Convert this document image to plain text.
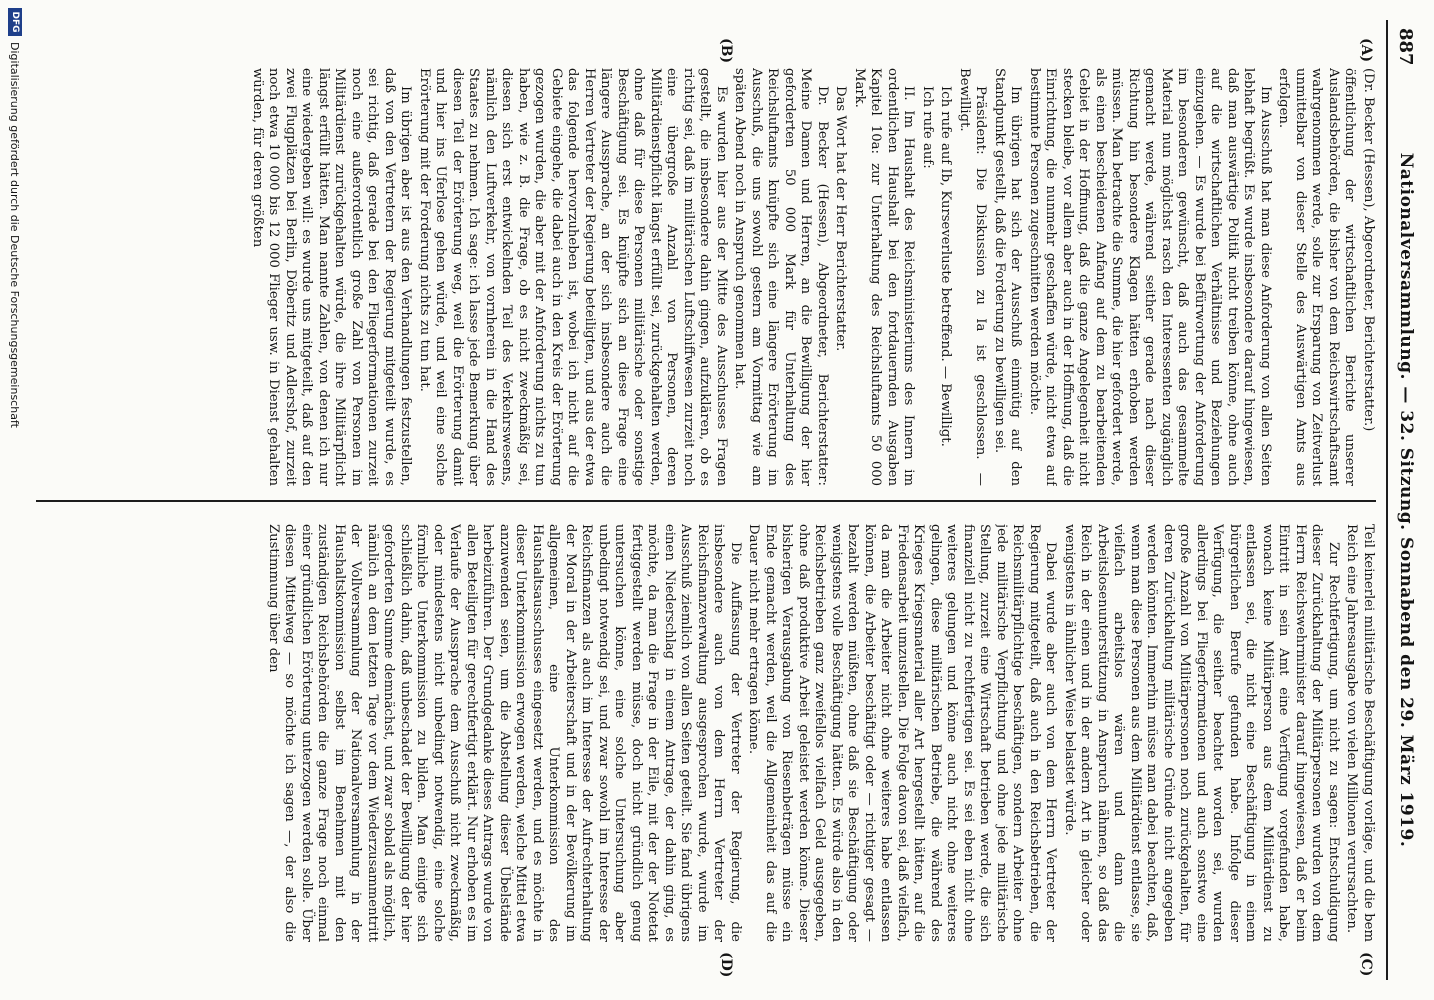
887
Nationalversammlung. — 32. Sitzung. Sonnabend den 29. März 1919.
(A)
(B)
(C)
(D)

(Dr. Becker (Hessen), Abgeordneter, Berichterstatter.)

öffentlichung der wirtschaftlichen Berichte unserer Auslandsbehörden, die bisher von dem Reichswirtschaftsamt wahrgenommen werde, solle zur Ersparung von Zeitverlust unmittelbar von dieser Stelle des Auswärtigen Amts aus erfolgen.

Im Ausschuß hat man diese Anforderung von allen Seiten lebhaft begrüßt. Es wurde insbesondere darauf hingewiesen, daß man auswärtige Politik nicht treiben könne, ohne auch auf die wirtschaftlichen Verhältnisse und Beziehungen einzugehen. — Es wurde bei Befürwortung der Anforderung im besonderen gewünscht, daß auch das gesammelte Material nun möglichst rasch den Interessenten zugänglich gemacht werde, während seither gerade nach dieser Richtung hin besondere Klagen hätten erhoben werden müssen. Man betrachte die Summe, die hier gefordert werde, als einen bescheidenen Anfang auf dem zu bearbeitenden Gebiet in der Hoffnung, daß die ganze Angelegenheit nicht stecken bleibe, vor allem aber auch in der Hoffnung, daß die Einrichtung, die nunmehr geschaffen würde, nicht etwa auf bestimmte Personen zugeschnitten werden möchte.

Im übrigen hat sich der Ausschuß einmütig auf den Standpunkt gestellt, daß die Forderung zu bewilligen sei.

Präsident: Die Diskussion zu Ia ist geschlossen. — Bewilligt.

Ich rufe auf Ib, Kurseverluste betreffend. — Bewilligt.

Ich rufe auf:

II. Im Haushalt des Reichsministeriums des Innern im ordentlichen Haushalt bei den fortdauernden Ausgaben Kapitel 10a: zur Unterhaltung des Reichsluftamts 50 000 Mark.

Das Wort hat der Herr Berichterstatter.

Dr. Becker (Hessen), Abgeordneter, Berichterstatter: Meine Damen und Herren, an die Bewilligung der hier geforderten 50 000 Mark für Unterhaltung des Reichsluftamts knüpfte sich eine längere Erörterung im Ausschuß, die uns sowohl gestern am Vormittag wie am späten Abend noch in Anspruch genommen hat.

Es wurden hier aus der Mitte des Ausschusses Fragen gestellt, die insbesondere dahin gingen, aufzuklären, ob es richtig sei, daß im militärischen Luftschiffwesen zurzeit noch eine übergroße Anzahl von Personen, deren Militärdienstpflicht längst erfüllt sei, zurückgehalten werden, ohne daß für diese Personen militärische oder sonstige Beschäftigung sei. Es knüpfte sich an diese Frage eine längere Aussprache, an der sich insbesondere auch die Herren Vertreter der Regierung beteiligten, und aus der etwa das folgende hervorzuheben ist, wobei ich nicht auf die Gebiete eingehe, die dabei auch in den Kreis der Erörterung gezogen wurden, die aber mit der Anforderung nichts zu tun haben, wie z. B. die Frage, ob es nicht zweckmäßig sei, diesen sich erst entwickelnden Teil des Verkehrswesens, nämlich den Luftverkehr, von vornherein in die Hand des Staates zu nehmen. Ich sage: ich lasse jede Bemerkung über diesen Teil der Erörterung weg, weil die Erörterung damit und hier ins Uferlose gehen würde, und weil eine solche Erörterung mit der Forderung nichts zu tun hat.

Im übrigen aber ist aus den Verhandlungen festzustellen, daß von den Vertretern der Regierung mitgeteilt wurde, es sei richtig, daß gerade bei den Fliegerformationen zurzeit noch eine außerordentlich große Zahl von Personen im Militärdienst zurückgehalten würde, die ihre Militärpflicht längst erfüllt hätten. Man nannte Zahlen, von denen ich nur eine wiedergeben will: es wurde uns mitgeteilt, daß auf den zwei Flugplätzen bei Berlin, Döberitz und Adlershof, zurzeit noch etwa 10 000 bis 12 000 Flieger usw. in Dienst gehalten würden, für deren größten

Teil keinerlei militärische Beschäftigung vorläge, und die bem Reich eine Jahresausgabe von vielen Millionen verursachten.

Zur Rechtfertigung, um nicht zu sagen: Entschuldigung dieser Zurückhaltung der Militärpersonen wurden von dem Herrn Reichswehrminister darauf hingewiesen, daß er beim Eintritt in sein Amt eine Verfügung vorgefunden habe, wonach keine Militärperson aus dem Militärdienst zu entlassen sei, die nicht eine Beschäftigung in einem bürgerlichen Berufe gefunden habe. Infolge dieser Verfügung, die seither beachtet worden sei, wurden allerdings bei Fliegerformationen und auch sonstwo eine große Anzahl von Militärpersonen noch zurückgehalten, für deren Zurückhaltung militärische Gründe nicht angegeben werden könnten. Immerhin müsse man dabei beachten, daß, wenn man diese Personen aus dem Militärdienst entlasse, sie vielfach arbeitslos wären und dann die Arbeitslosenunterstützung in Anspruch nähmen, so daß das Reich in der einen und in der andern Art in gleicher oder wenigstens in ähnlicher Weise belastet würde.

Dabei wurde aber auch von dem Herrn Vertreter der Regierung mitgeteilt, daß auch in den Reichsbetrieben, die Reichsmilitärpflichtige beschäftigen, sondern Arbeiter ohne jede militärische Verpflichtung und ohne jede militärische Stellung, zurzeit eine Wirtschaft betrieben werde, die sich finanziell nicht zu rechtfertigen sei. Es sei eben nicht ohne weiteres gelungen und könne auch nicht ohne weiteres gelingen, diese militärischen Betriebe, die während des Krieges Kriegsmaterial aller Art hergestellt hätten, auf die Friedensarbeit umzustellen. Die Folge davon sei, daß vielfach, da man die Arbeiter nicht ohne weiteres habe entlassen können, die Arbeiter beschäftigt oder — richtiger gesagt — bezahlt werden müßten, ohne daß sie Beschäftigung oder wenigstens volle Beschäftigung hätten. Es würde also in den Reichsbetrieben ganz zweifellos vielfach Geld ausgegeben, ohne daß produktive Arbeit geleistet werden könne. Dieser bisherigen Verausgabung von Riesenbeträgen müsse ein Ende gemacht werden, weil die Allgemeinheit das auf die Dauer nicht mehr ertragen könne.

Die Auffassung der Vertreter der Regierung, die insbesondere auch von dem Herrn Vertreter der Reichsfinanzverwaltung ausgesprochen wurde, wurde im Ausschuß ziemlich von allen Seiten geteilt. Sie fand übrigens einen Niederschlag in einem Antrage, der dahin ging, es möchte, da man die Frage in der Eile, mit der der Notetat fertiggestellt werden müsse, doch nicht gründlich genug untersuchen könne, eine solche Untersuchung aber unbedingt notwendig sei, und zwar sowohl im Interesse der Reichsfinanzen als auch im Interesse der Aufrechterhaltung der Moral in der Arbeiterschaft und in der Bevölkerung im allgemeinen, eine Unterkommission des Haushaltsausschusses eingesetzt werden, und es möchte in dieser Unterkommission erwogen werden, welche Mittel etwa anzuwenden seien, um die Abstellung dieser Übelstände herbeizuführen. Der Grundgedanke dieses Antrags wurde von allen Beteiligten für gerechtfertigt erklärt. Nur erhoben es im Verlaufe der Aussprache dem Ausschuß nicht zweckmäßig, oder mindestens nicht unbedingt notwendig, eine solche förmliche Unterkommission zu bilden. Man einigte sich schließlich dahin, daß unbeschadet der Bewilligung der hier geforderten Summe demnächst, und zwar sobald als möglich, nämlich an dem letzten Tage vor dem Wiederzusammentritt der Vollversammlung der Nationalversammlung in der Haushaltskommission selbst im Benehmen mit den zuständigen Reichsbehörden die ganze Frage noch einmal einer gründlichen Erörterung unterzogen werden solle. Über diesen Mittelweg — so möchte ich sagen —, der also die Zustimmung über den

DFG
Digitalisierung gefördert durch die Deutsche Forschungsgemeinschaft
